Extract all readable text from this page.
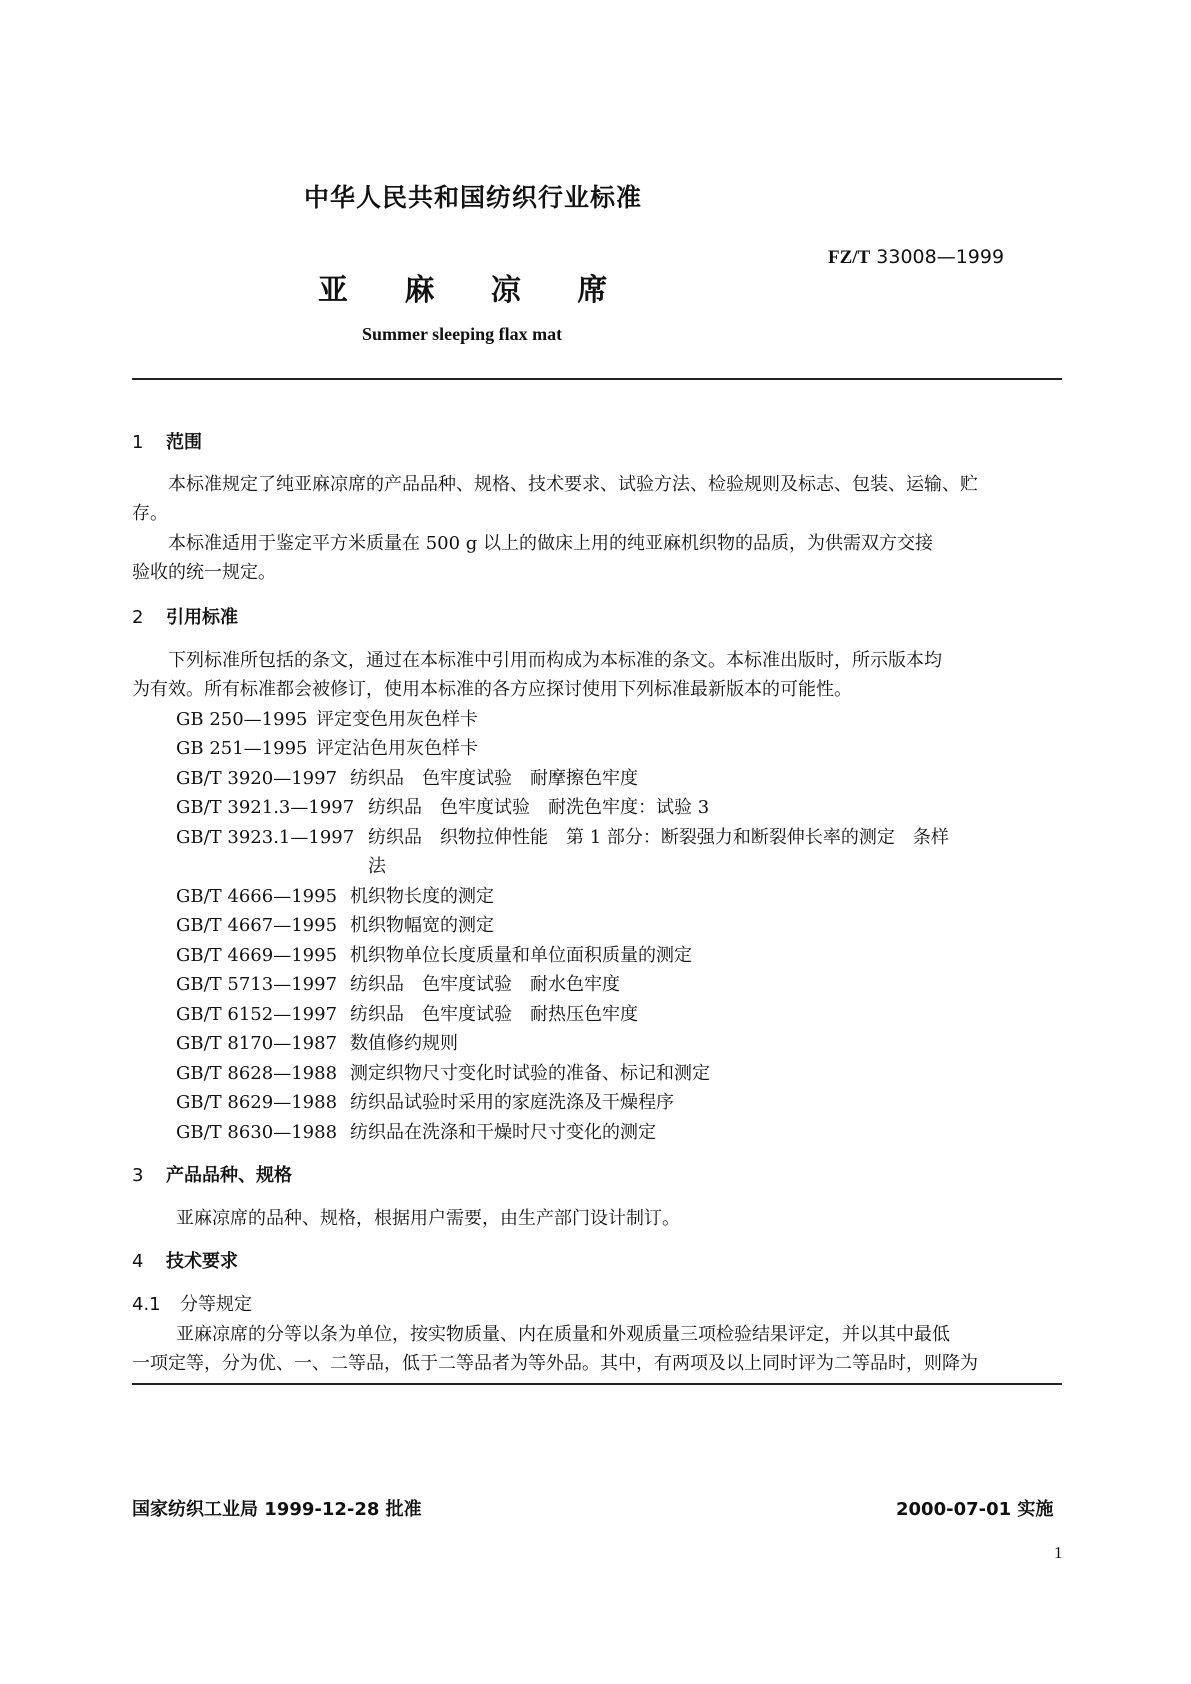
中华人民共和国纺织行业标准
FZ/T 33008—1999
亚 麻 凉 席
Summer sleeping flax mat
1 范围
本标准规定了纯亚麻凉席的产品品种、规格、技术要求、试验方法、检验规则及标志、包装、运输、贮
存。
本标准适用于鉴定平方米质量在 500 g 以上的做床上用的纯亚麻机织物的品质，为供需双方交接
验收的统一规定。
2 引用标准
下列标准所包括的条文，通过在本标准中引用而构成为本标准的条文。本标准出版时，所示版本均
为有效。所有标准都会被修订，使用本标准的各方应探讨使用下列标准最新版本的可能性。
GB 250—1995 评定变色用灰色样卡
GB 251—1995 评定沾色用灰色样卡
GB/T 3920—1997 纺织品　色牢度试验　耐摩擦色牢度
GB/T 3921.3—1997 纺织品　色牢度试验　耐洗色牢度：试验 3
GB/T 3923.1—1997 纺织品　织物拉伸性能　第 1 部分：断裂强力和断裂伸长率的测定　条样
法
GB/T 4666—1995 机织物长度的测定
GB/T 4667—1995 机织物幅宽的测定
GB/T 4669—1995 机织物单位长度质量和单位面积质量的测定
GB/T 5713—1997 纺织品　色牢度试验　耐水色牢度
GB/T 6152—1997 纺织品　色牢度试验　耐热压色牢度
GB/T 8170—1987 数值修约规则
GB/T 8628—1988 测定织物尺寸变化时试验的准备、标记和测定
GB/T 8629—1988 纺织品试验时采用的家庭洗涤及干燥程序
GB/T 8630—1988 纺织品在洗涤和干燥时尺寸变化的测定
3 产品品种、规格
亚麻凉席的品种、规格，根据用户需要，由生产部门设计制订。
4 技术要求
4.1 分等规定
亚麻凉席的分等以条为单位，按实物质量、内在质量和外观质量三项检验结果评定，并以其中最低
一项定等，分为优、一、二等品，低于二等品者为等外品。其中，有两项及以上同时评为二等品时，则降为
国家纺织工业局 1999-12-28 批准	2000-07-01 实施
1
